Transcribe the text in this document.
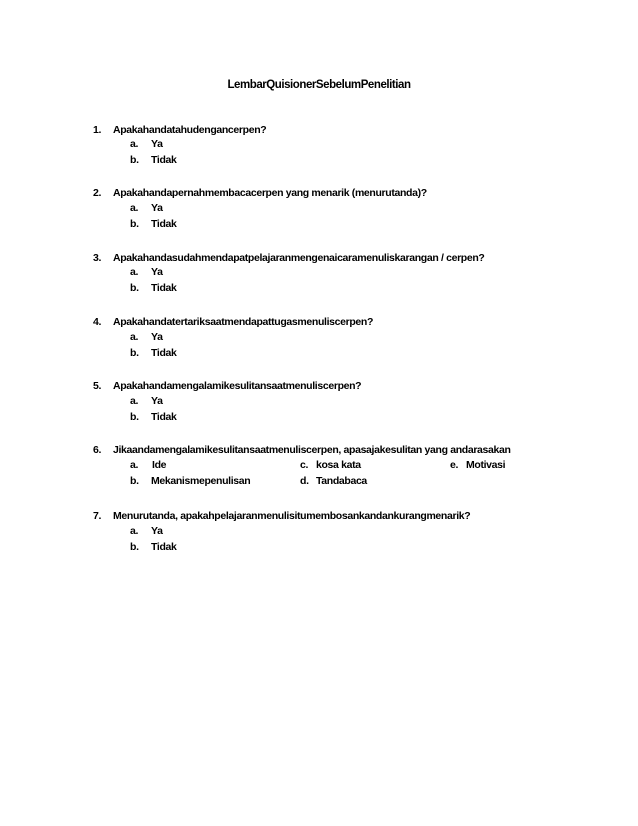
LembarQuisionerSebelumPenelitian
1. Apakahandatahudengancerpen?
a. Ya
b. Tidak
2. Apakahandapernahmembacacerpen yang menarik (menurutanda)?
a. Ya
b. Tidak
3. Apakahandasudahmendapatpelajaranmengenaicaramenuliskarangan / cerpen?
a. Ya
b. Tidak
4. Apakahandatertariksaatmendapattugasmenuliscerpen?
a. Ya
b. Tidak
5. Apakahandamengalamikesulitansaatmenuliscerpen?
a. Ya
b. Tidak
6. Jikaandamengalamikesulitansaatmenuliscerpen, apasajakesulitan yang andarasakan
a. Ide	c. kosa kata	e. Motivasi
b. Mekanismepenulisan	d. Tandabaca
7. Menurutanda, apakahpelajaranmenulisitumembosankandankurangmenarik?
a. Ya
b. Tidak
